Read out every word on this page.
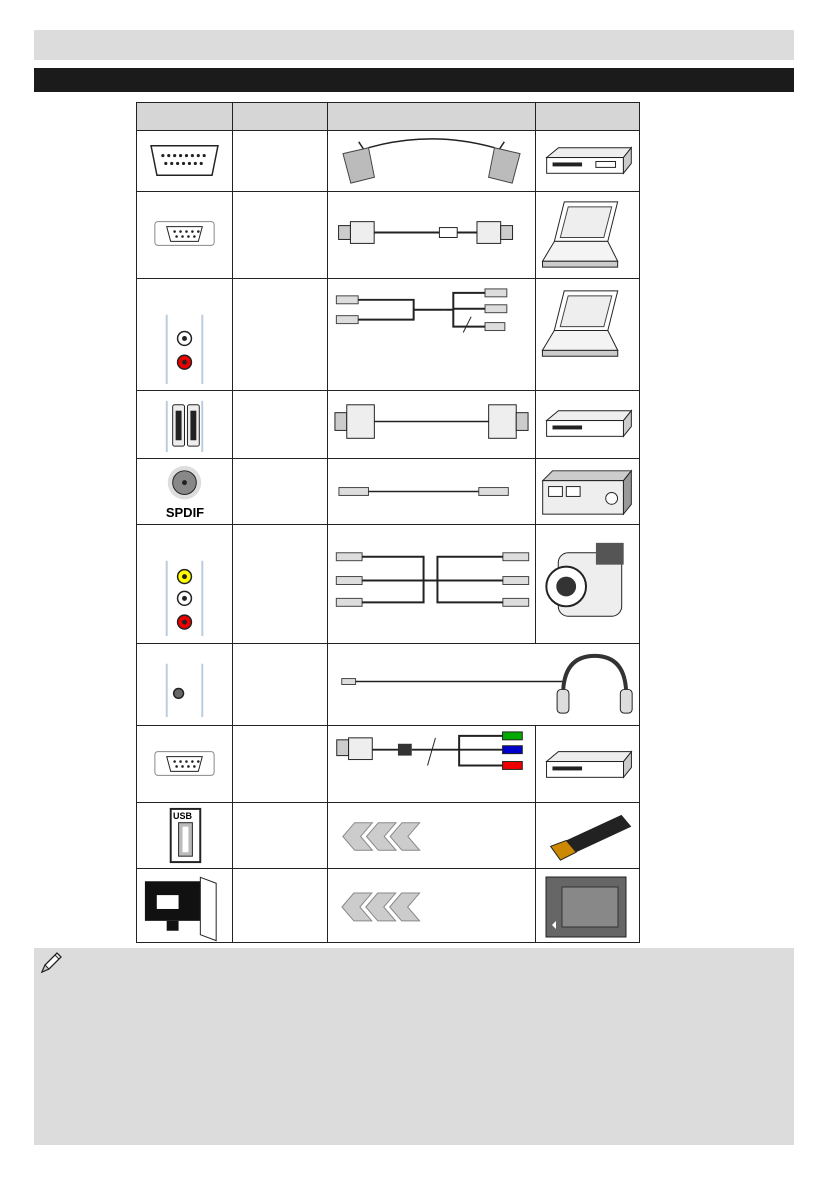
SPDIF
USB
